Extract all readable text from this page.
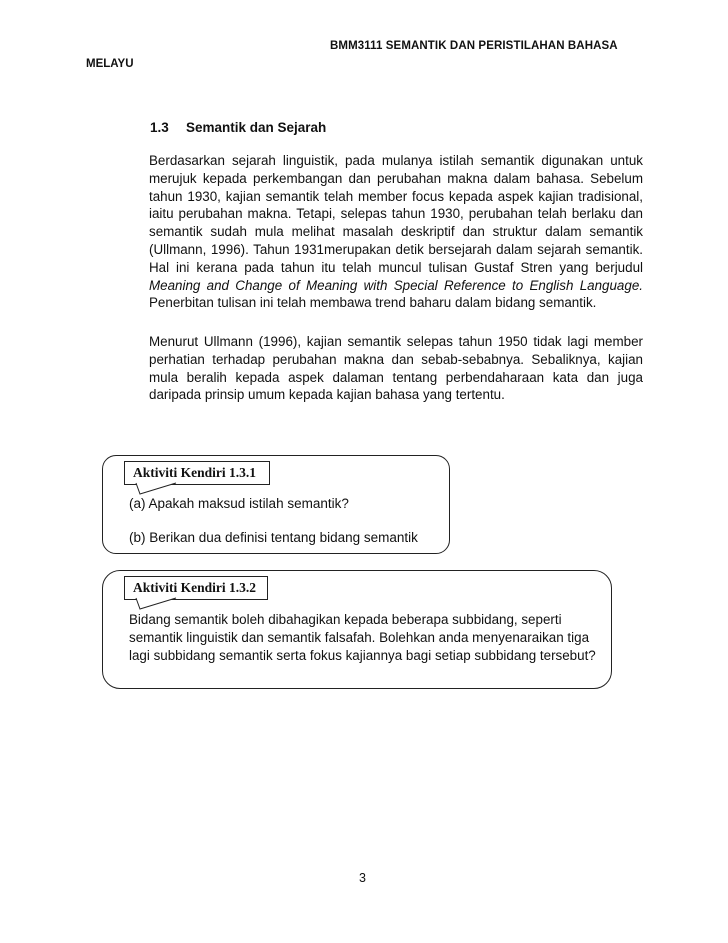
BMM3111 SEMANTIK DAN PERISTILAHAN BAHASA
MELAYU
1.3 Semantik dan Sejarah

Berdasarkan sejarah linguistik, pada mulanya istilah semantik digunakan untuk merujuk kepada perkembangan dan perubahan makna dalam bahasa. Sebelum tahun 1930, kajian semantik telah member focus kepada aspek kajian tradisional, iaitu perubahan makna. Tetapi, selepas tahun 1930, perubahan telah berlaku dan semantik sudah mula melihat masalah deskriptif dan struktur dalam semantik (Ullmann, 1996). Tahun 1931merupakan detik bersejarah dalam sejarah semantik. Hal ini kerana pada tahun itu telah muncul tulisan Gustaf Stren yang berjudul Meaning and Change of Meaning with Special Reference to English Language. Penerbitan tulisan ini telah membawa trend baharu dalam bidang semantik.

Menurut Ullmann (1996), kajian semantik selepas tahun 1950 tidak lagi member perhatian terhadap perubahan makna dan sebab-sebabnya. Sebaliknya, kajian mula beralih kepada aspek dalaman tentang perbendaharaan kata dan juga daripada prinsip umum kepada kajian bahasa yang tertentu.

Aktiviti Kendiri 1.3.1
(a) Apakah maksud istilah semantik?
(b) Berikan dua definisi tentang bidang semantik
Aktiviti Kendiri 1.3.2

Bidang semantik boleh dibahagikan kepada beberapa subbidang, seperti semantik linguistik dan semantik falsafah. Bolehkan anda menyenaraikan tiga lagi subbidang semantik serta fokus kajiannya bagi setiap subbidang tersebut?

3
